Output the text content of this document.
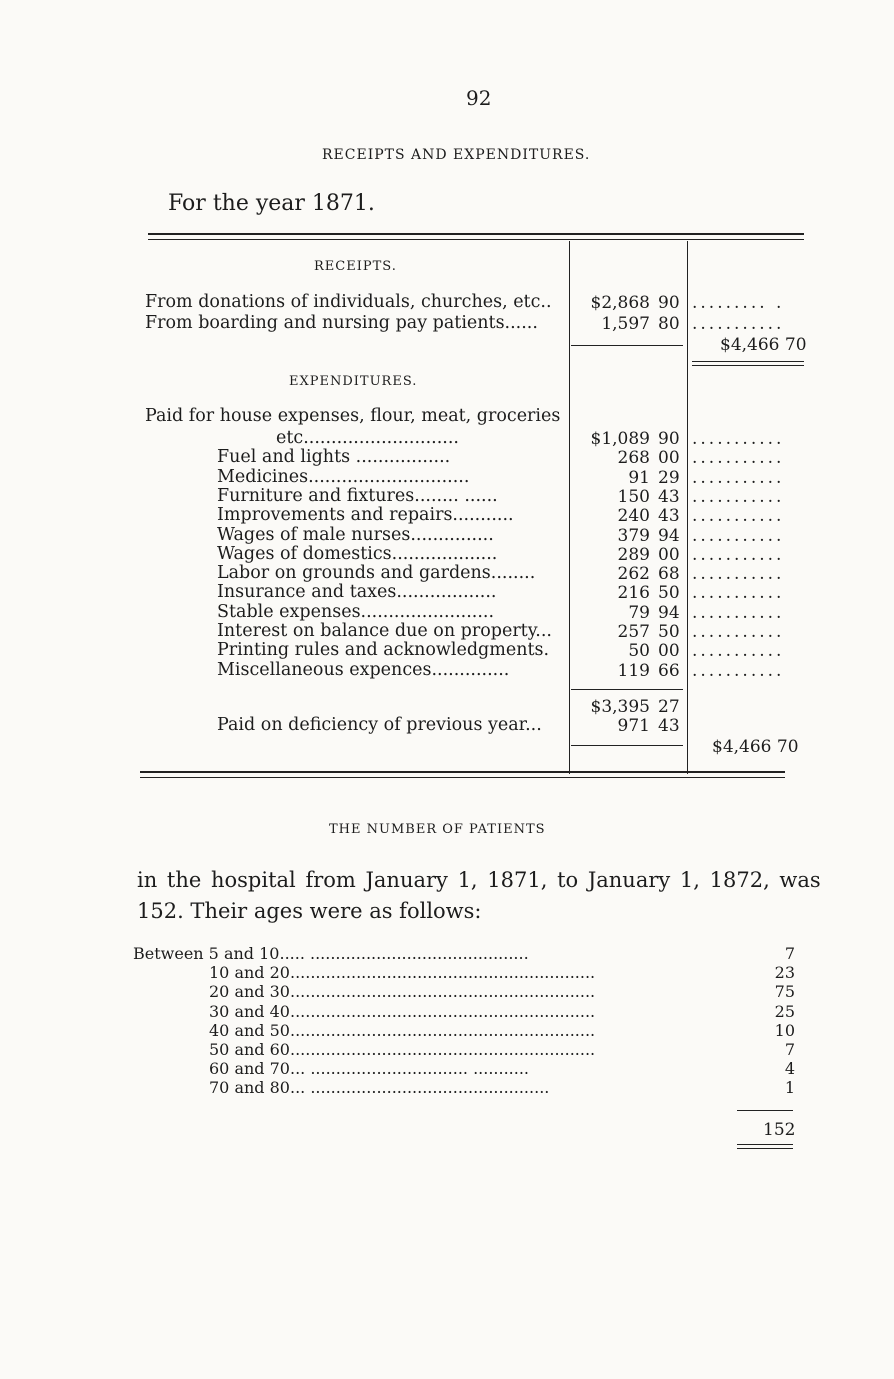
92
RECEIPTS AND EXPENDITURES.
For the year 1871.
RECEIPTS.
From donations of individuals, churches, etc..	$2,868 90 ......... .
From boarding and nursing pay patients......	1,597 80 ...........
$4,466 70
EXPENDITURES.
Paid for house expenses, flour, meat, groceries
etc............................	$1,089 90 ...........
Fuel and lights .................	268 00 ...........
Medicines.............................	91 29 ...........
Furniture and fixtures........ ......	150 43 ...........
Improvements and repairs...........	240 43 ...........
Wages of male nurses...............	379 94 ...........
Wages of domestics...................	289 00 ...........
Labor on grounds and gardens........	262 68 ...........
Insurance and taxes..................	216 50 ...........
Stable expenses........................	79 94 ...........
Interest on balance due on property...	257 50 ...........
Printing rules and acknowledgments.	50 00 ...........
Miscellaneous expences..............	119 66 ...........
$3,395 27
Paid on deficiency of previous year...	971 43
$4,466 70
THE NUMBER OF PATIENTS
in the hospital from January 1, 1871, to January 1, 1872, was
152. Their ages were as follows:
Between 5 and 10..... ...........................................	7
10 and 20............................................................	23
20 and 30............................................................	75
30 and 40............................................................	25
40 and 50............................................................	10
50 and 60............................................................	7
60 and 70... ............................... ...........	4
70 and 80... ...............................................	1
152
